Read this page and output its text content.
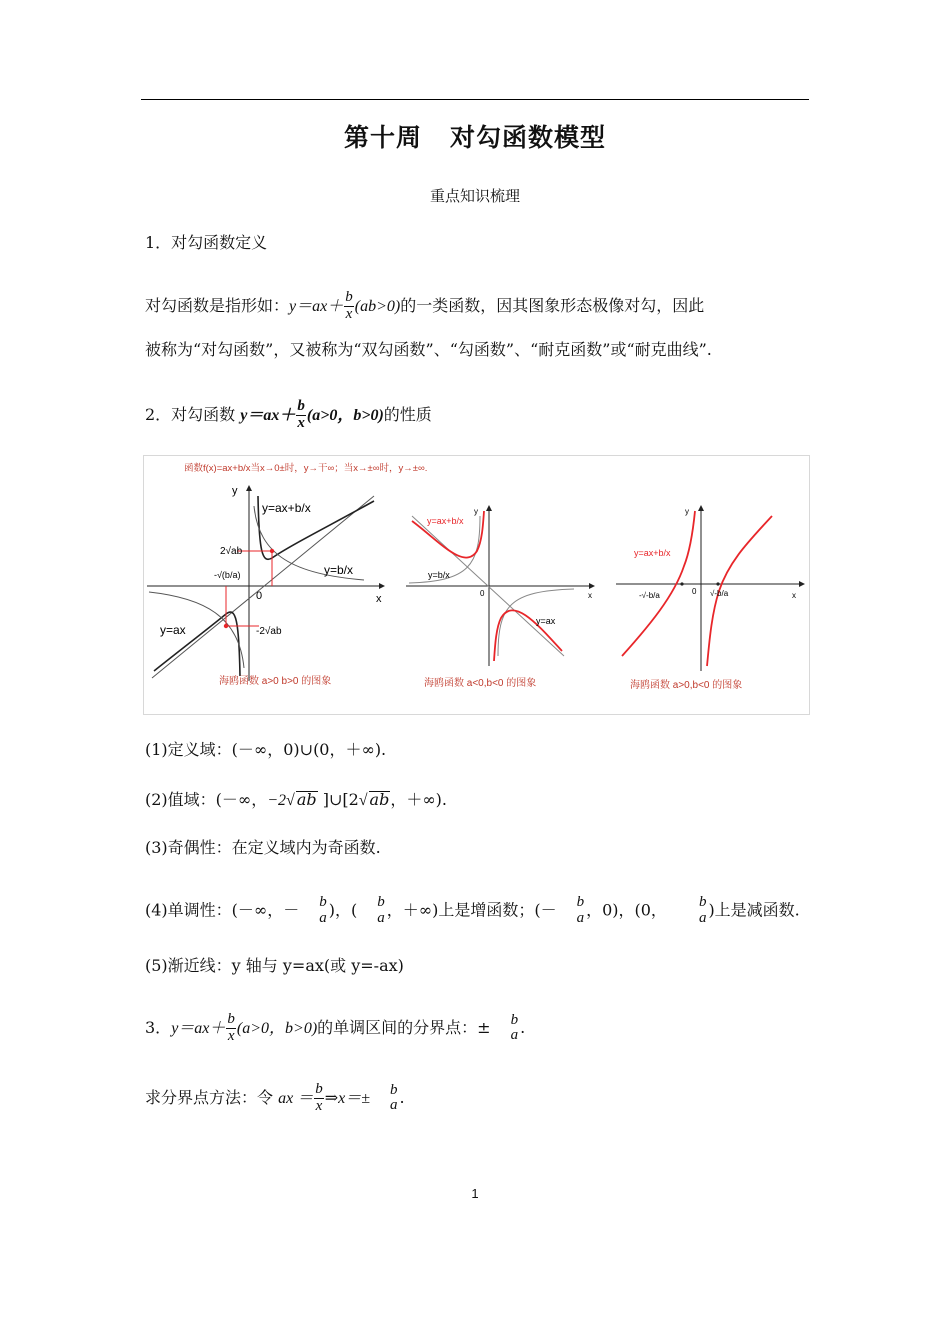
第十周 对勾函数模型
重点知识梳理
1．对勾函数定义
对勾函数是指形如：$y=ax+ \frac{b}{x} (ab>0)$的一类函数，因其图象形态极像对勾，因此
被称为“对勾函数”，又被称为“双勾函数”、“勾函数”、“耐克函数”或“耐克曲线”.
2．对勾函数 $y=ax+ \frac{b}{x} (a>0$，b>0)的性质
函数f(x)=ax+b/x当x→0±时，y→干∞；当x→±∞时，y→±∞.
y
x
0
y=ax+b/x
y=b/x
y=ax
2√ab
-2√ab
-√(b/a)
海鸥函数 a>0 b>0 的图象
y
x
0
y=ax+b/x
y=b/x
y=ax
海鸥函数 a<0,b<0 的图象
y
x
0
y=ax+b/x
-√-b/a	√-b/a
海鸥函数 a>0,b<0 的图象
(1)定义域：(－∞，0)∪(0，＋∞).
(2)值域：(－∞，−2√ ab ]∪[2√ ab，＋∞).
(3)奇偶性：在定义域内为奇函数.
(4)单调性：(－∞，－ b
a )，( b
a ，＋∞)上是增函数；(－ b
a ，0)，(0， b
a )上是减函数.
(5)渐近线：y 轴与 y=ax(或 y=-ax)
3．$y=ax+ \frac{b}{x} (a>0$，b>0)的单调区间的分界点：± b
a .
求分界点方法：令 ax ＝ $\frac{b}{x}$ ⇒x＝±
b
a .
1
